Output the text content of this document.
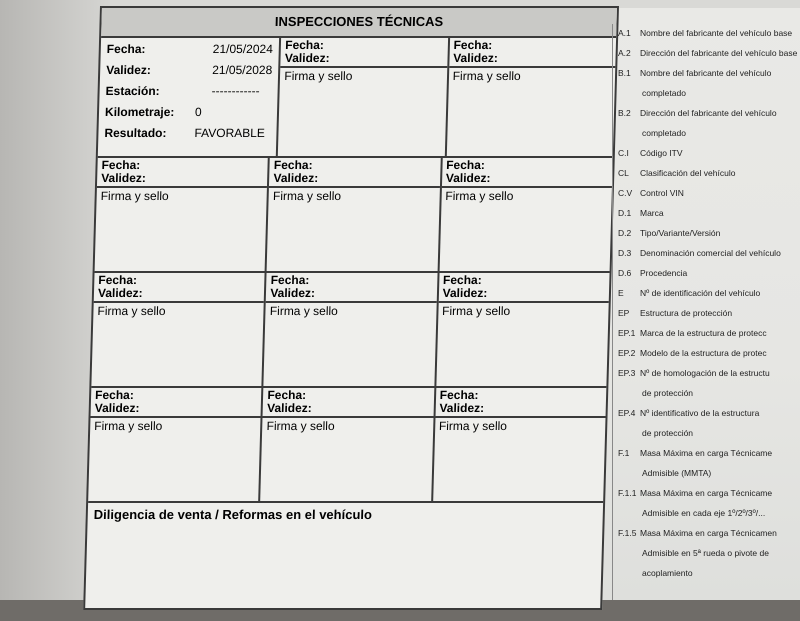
INSPECCIONES TÉCNICAS
Fecha:	21/05/2024
Validez:	21/05/2028
Estación:	------------
Kilometraje:	0
Resultado:	FAVORABLE
Fecha:
Validez:
Firma y sello
Fecha:
Validez:
Firma y sello
Fecha:
Validez:
Firma y sello
Fecha:
Validez:
Firma y sello
Fecha:
Validez:
Firma y sello
Fecha:
Validez:
Firma y sello
Fecha:
Validez:
Firma y sello
Fecha:
Validez:
Firma y sello
Fecha:
Validez:
Firma y sello
Fecha:
Validez:
Firma y sello
Fecha:
Validez:
Firma y sello
Diligencia de venta / Reformas en el vehículo
A.1	Nombre del fabricante del vehículo base
A.2	Dirección del fabricante del vehículo base
B.1	Nombre del fabricante del vehículo
completado
B.2	Dirección del fabricante del vehículo
completado
C.I	Código ITV
CL	Clasificación del vehículo
C.V Control VIN
D.1	Marca
D.2	Tipo/Variante/Versión
D.3	Denominación comercial del vehículo
D.6	Procedencia
E	Nº de identificación del vehículo
EP	Estructura de protección
EP.1 Marca de la estructura de protecc
EP.2 Modelo de la estructura de protec
EP.3 Nº de homologación de la estructu
de protección
EP.4 Nº identificativo de la estructura
de protección
F.1	Masa Máxima en carga Técnicame
Admisible (MMTA)
F.1.1 Masa Máxima en carga Técnicame
Admisible en cada eje 1º/2º/3º/...
F.1.5 Masa Máxima en carga Técnicamen
Admisible en 5ª rueda o pivote de
acoplamiento
